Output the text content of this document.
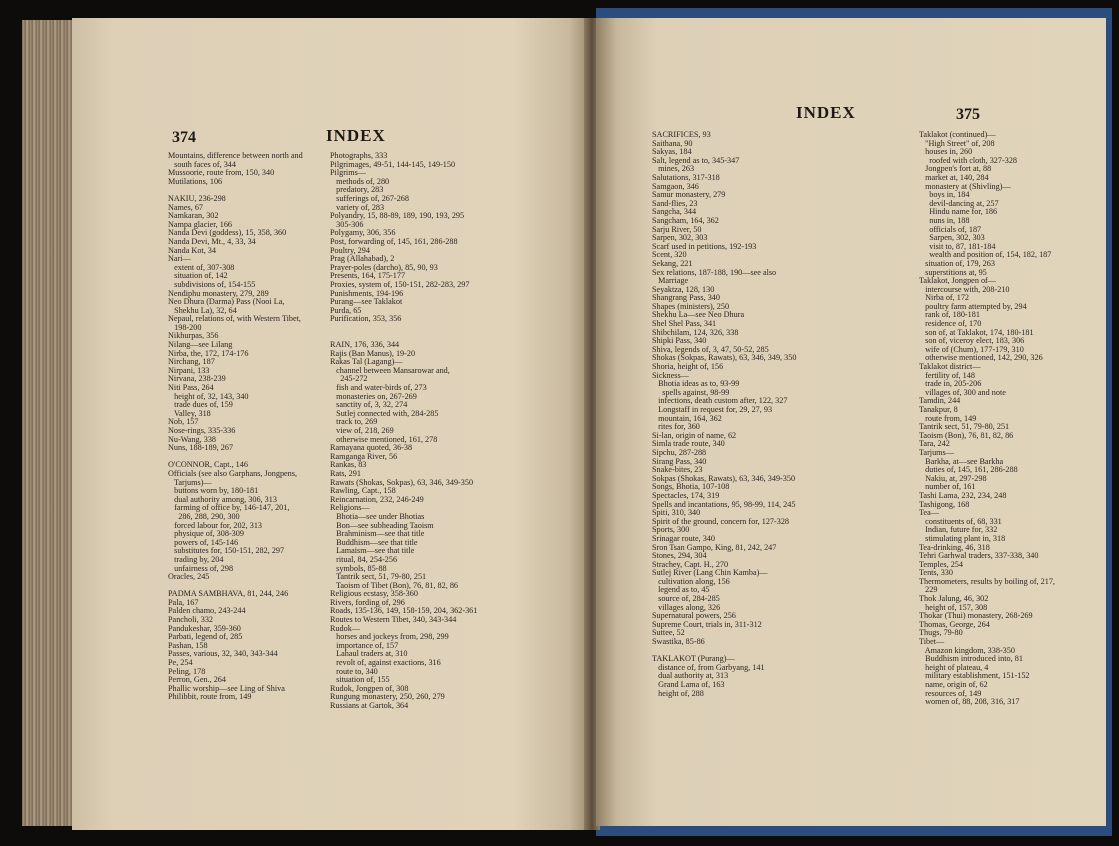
374	INDEX
Mountains, difference between north and
south faces of, 344
Mussoorie, route from, 150, 340
Mutilations, 106
NAKIU, 236-298
Names, 67
Namkaran, 302
Nampa glacier, 166
Nanda Devi (goddess), 15, 358, 360
Nanda Devi, Mt., 4, 33, 34
Nanda Kot, 34
Nari—
extent of, 307-308
situation of, 142
subdivisions of, 154-155
Nendiphu monastery, 279, 289
Neo Dhura (Darma) Pass (Nooi La,
Shekhu La), 32, 64
Nepaul, relations of, with Western Tibet,
198-200
Nikhurpas, 356
Nilang—see Lilang
Nirba, the, 172, 174-176
Nirchang, 187
Nirpani, 133
Nirvana, 238-239
Niti Pass, 264
height of, 32, 143, 340
trade dues of, 159
Valley, 318
Nob, 157
Nose-rings, 335-336
Nu-Wang, 338
Nuns, 188-189, 267
O'CONNOR, Capt., 146
Officials (see also Garphans, Jongpens,
Tarjums)—
buttons worn by, 180-181
dual authority among, 306, 313
farming of office by, 146-147, 201,
286, 288, 290, 300
forced labour for, 202, 313
physique of, 308-309
powers of, 145-146
substitutes for, 150-151, 282, 297
trading by, 204
unfairness of, 298
Oracles, 245
PADMA SAMBHAVA, 81, 244, 246
Pala, 167
Palden chamo, 243-244
Pancholi, 332
Pandukeshar, 359-360
Parbati, legend of, 285
Pashan, 158
Passes, various, 32, 340, 343-344
Pe, 254
Peling, 178
Perron, Gen., 264
Phallic worship—see Ling of Shiva
Philibbit, route from, 149
Photographs, 333
Pilgrimages, 49-51, 144-145, 149-150
Pilgrims—
methods of, 280
predatory, 283
sufferings of, 267-268
variety of, 283
Polyandry, 15, 88-89, 189, 190, 193, 295
305-306
Polygamy, 306, 356
Post, forwarding of, 145, 161, 286-288
Poultry, 294
Prag (Allahabad), 2
Prayer-poles (darcho), 85, 90, 93
Presents, 164, 175-177
Proxies, system of, 150-151, 282-283, 297
Punishments, 194-196
Purang—see Taklakot
Purda, 65
Purification, 353, 356
RAIN, 176, 336, 344
Rajis (Ban Manus), 19-20
Rakas Tal (Lagang)—
channel between Mansarowar and,
245-272
fish and water-birds of, 273
monasteries on, 267-269
sanctity of, 3, 32, 274
Sutlej connected with, 284-285
track to, 269
view of, 218, 269
otherwise mentioned, 161, 278
Ramayana quoted, 36-38
Ramganga River, 56
Rankas, 83
Rats, 291
Rawats (Shokas, Sokpas), 63, 346, 349-350
Rawling, Capt., 158
Reincarnation, 232, 246-249
Religions—
Bhotia—see under Bhotias
Bon—see subheading Taoism
Brahminism—see that title
Buddhism—see that title
Lamaism—see that title
ritual, 84, 254-256
symbols, 85-88
Tantrik sect, 51, 79-80, 251
Taoism of Tibet (Bon), 76, 81, 82, 86
Religious ecstasy, 358-360
Rivers, fording of, 296
Roads, 135-136, 149, 158-159, 204, 362-361
Routes to Western Tibet, 340, 343-344
Rudok—
horses and jockeys from, 298, 299
importance of, 157
Lahaul traders at, 310
revolt of, against exactions, 316
route to, 340
situation of, 155
Rudok, Jongpen of, 308
Rungung monastery, 250, 260, 279
Russians at Gartok, 364
INDEX	375
SACRIFICES, 93
Saithana, 90
Sakyas, 184
Salt, legend as to, 345-347
mines, 263
Salutations, 317-318
Samgaon, 346
Samur monastery, 279
Sand-flies, 23
Sangcha, 344
Sangcham, 164, 362
Sarju River, 50
Sarpen, 302, 303
Scarf used in petitions, 192-193
Scent, 320
Sekang, 221
Sex relations, 187-188, 190—see also
Marriage
Seyaktza, 128, 130
Shangrang Pass, 340
Shapes (ministers), 250
Shekhu La—see Neo Dhura
Shel Shel Pass, 341
Shibchilam, 124, 326, 338
Shipki Pass, 340
Shiva, legends of, 3, 47, 50-52, 285
Shokas (Sokpas, Rawats), 63, 346, 349, 350
Shoria, height of, 156
Sickness—
Bhotia ideas as to, 93-99
spells against, 98-99
infections, death custom after, 122, 327
Longstaff in request for, 29, 27, 93
mountain, 164, 362
rites for, 360
Si-lan, origin of name, 62
Simla trade route, 340
Sipchu, 287-288
Sirang Pass, 340
Snake-bites, 23
Sokpas (Shokas, Rawats), 63, 346, 349-350
Songs, Bhotia, 107-108
Spectacles, 174, 319
Spells and incantations, 95, 98-99, 114, 245
Spiti, 310, 340
Spirit of the ground, concern for, 127-328
Sports, 300
Srinagar route, 340
Sron Tsan Gampo, King, 81, 242, 247
Stones, 294, 304
Strachey, Capt. H., 270
Sutlej River (Lang Chin Kamba)—
cultivation along, 156
legend as to, 45
source of, 284-285
villages along, 326
Supernatural powers, 256
Supreme Court, trials in, 311-312
Suttee, 52
Swastika, 85-86
TAKLAKOT (Purang)—
distance of, from Garbyang, 141
dual authority at, 313
Grand Lama of, 163
height of, 288
Taklakot (continued)—
"High Street" of, 208
houses in, 260
roofed with cloth, 327-328
Jongpen's fort at, 88
market at, 140, 284
monastery at (Shivling)—
boys in, 184
devil-dancing at, 257
Hindu name for, 186
nuns in, 188
officials of, 187
Sarpen, 302, 303
visit to, 87, 181-184
wealth and position of, 154, 182, 187
situation of, 179, 263
superstitions at, 95
Taklakot, Jongpen of—
intercourse with, 208-210
Nirba of, 172
poultry farm attempted by, 294
rank of, 180-181
residence of, 170
son of, at Taklakot, 174, 180-181
son of, viceroy elect, 183, 306
wife of (Chum), 177-179, 310
otherwise mentioned, 142, 290, 326
Taklakot district—
fertility of, 148
trade in, 205-206
villages of, 300 and note
Tamdin, 244
Tanakpur, 8
route from, 149
Tantrik sect, 51, 79-80, 251
Taoism (Bon), 76, 81, 82, 86
Tara, 242
Tarjums—
Barkha, at—see Barkha
duties of, 145, 161, 286-288
Nakiu, at, 297-298
number of, 161
Tashi Lama, 232, 234, 248
Tashigong, 168
Tea—
constituents of, 68, 331
Indian, future for, 332
stimulating plant in, 318
Tea-drinking, 46, 318
Tehri Garhwal traders, 337-338, 340
Temples, 254
Tents, 330
Thermometers, results by boiling of, 217,
229
Thok Jalung, 46, 302
height of, 157, 308
Thokar (Thui) monastery, 268-269
Thomas, George, 264
Thugs, 79-80
Tibet—
Amazon kingdom, 338-350
Buddhism introduced into, 81
height of plateau, 4
military establishment, 151-152
name, origin of, 62
resources of, 149
women of, 88, 208, 316, 317
